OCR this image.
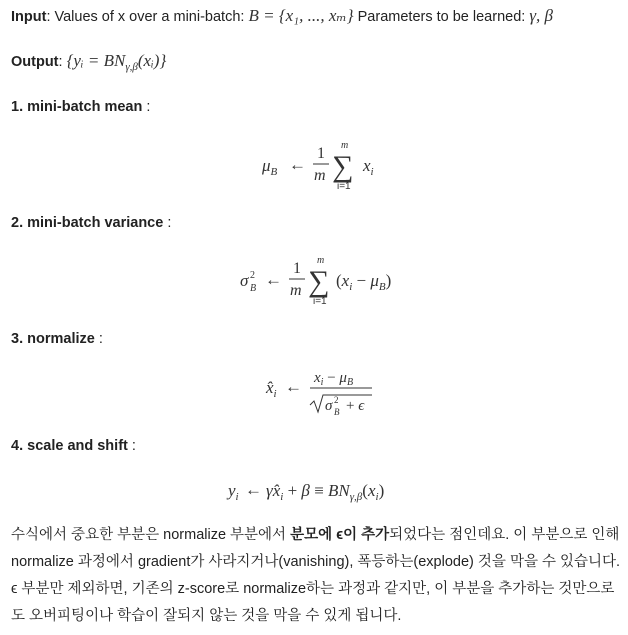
Input: Values of x over a mini-batch: B = {x₁, ..., xₘ} Parameters to be learned: γ, β
Output: {yᵢ = $BN_{\gamma,\beta}(xᵢ)$}
1. mini-batch mean :
$\mu_B$ ←
1
m
m
∑
i=1
$x_i$
2. mini-batch variance :
σ 2
B ←
1
m
m
∑
i=1
$(x_i - \mu_B)$
3. normalize :
$x̂_i$ ← $x_i - \mu_B$
σ 2
B + ϵ
4. scale and shift :
$y_i$ ← $\gamma x̂_i + \beta \equiv BN_{\gamma,\beta}(x_i)$
수식에서 중요한 부분은 normalize 부분에서 분모에 ϵ이 추가되었다는 점인데요. 이 부분으로 인해 normalize 과정에서 gradient가 사라지거나(vanishing), 폭등하는(explode) 것을 막을 수 있습니다. ϵ 부분만 제외하면, 기존의 z-score로 normalize하는 과정과 같지만, 이 부분을 추가하는 것만으로도 오버피팅이나 학습이 잘되지 않는 것을 막을 수 있게 됩니다.
